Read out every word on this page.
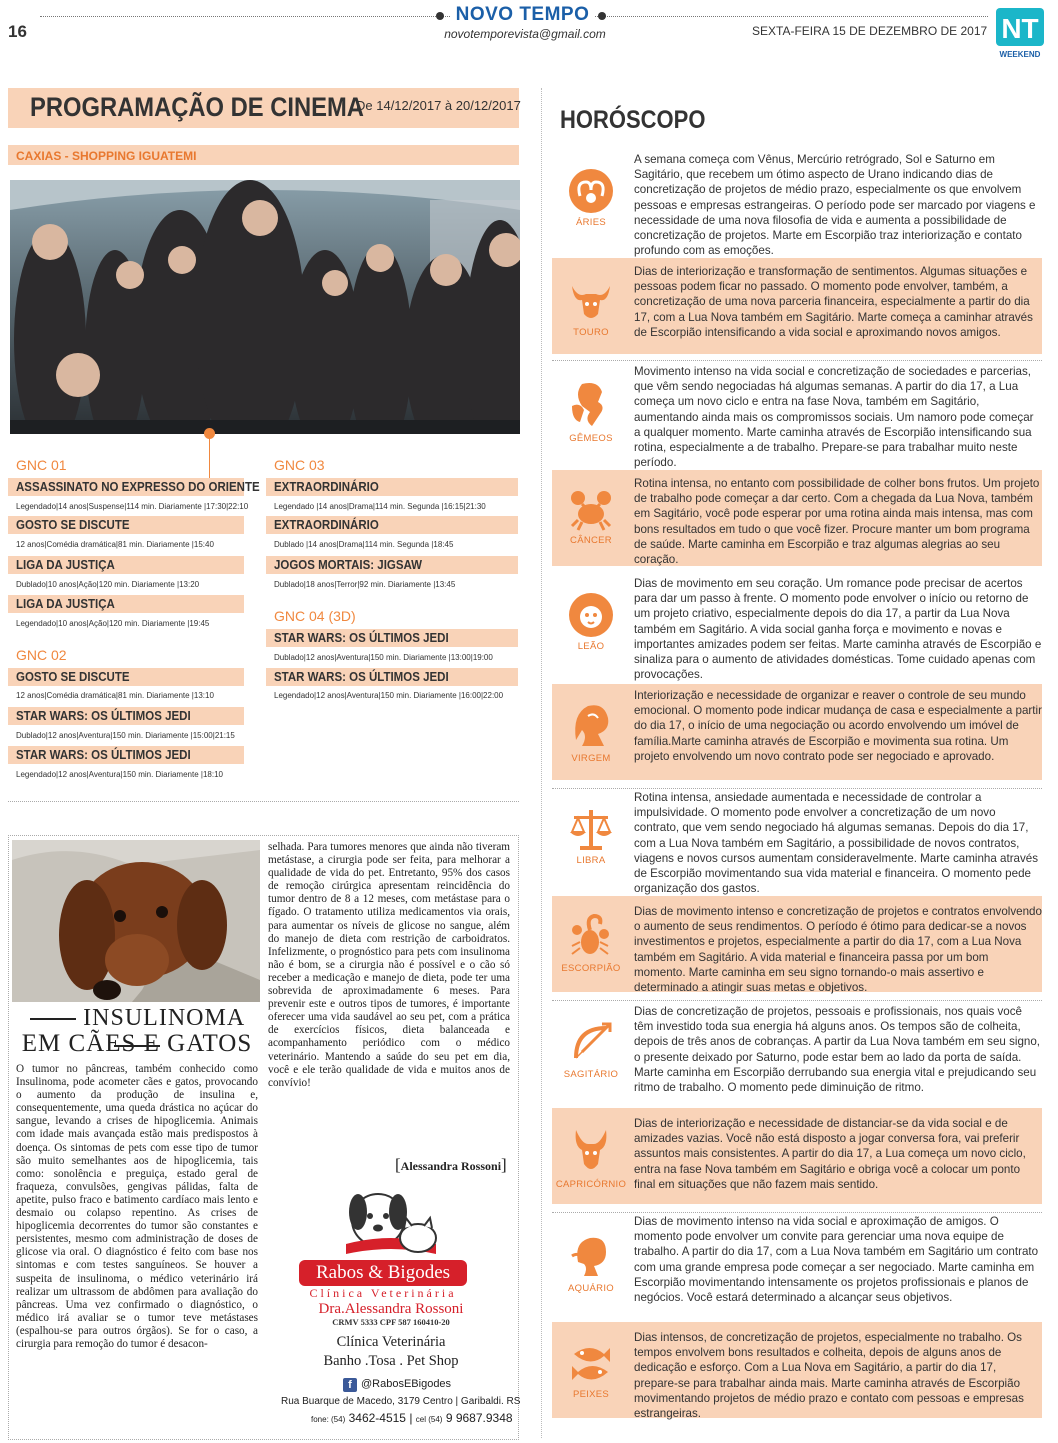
16
NOVO TEMPO
novotemporevista@gmail.com	SEXTA-FEIRA 15 DE DEZEMBRO DE 2017 NT
WEEKEND
PROGRAMAÇÃO DE CINEMA
De 14/12/2017 à 20/12/2017
CAXIAS - SHOPPING IGUATEMI
GNC 01
ASSASSINATO NO EXPRESSO DO ORIENTE
Legendado|14 anos|Suspense|114 min. Diariamente |17:30|22:10
GOSTO SE DISCUTE
12 anos|Comédia dramática|81 min. Diariamente |15:40
LIGA DA JUSTIÇA
Dublado|10 anos|Ação|120 min. Diariamente |13:20
LIGA DA JUSTIÇA
Legendado|10 anos|Ação|120 min. Diariamente |19:45
GNC 02
GOSTO SE DISCUTE
12 anos|Comédia dramática|81 min. Diariamente |13:10
STAR WARS: OS ÚLTIMOS JEDI
Dublado|12 anos|Aventura|150 min. Diariamente |15:00|21:15
STAR WARS: OS ÚLTIMOS JEDI
Legendado|12 anos|Aventura|150 min. Diariamente |18:10
GNC 03
EXTRAORDINÁRIO
Legendado |14 anos|Drama|114 min. Segunda |16:15|21:30
EXTRAORDINÁRIO
Dublado |14 anos|Drama|114 min. Segunda |18:45
JOGOS MORTAIS: JIGSAW
Dublado|18 anos|Terror|92 min. Diariamente |13:45
GNC 04 (3D)
STAR WARS: OS ÚLTIMOS JEDI
Dublado|12 anos|Aventura|150 min. Diariamente |13:00|19:00
STAR WARS: OS ÚLTIMOS JEDI
Legendado|12 anos|Aventura|150 min. Diariamente |16:00|22:00
INSULINOMA
EM CÃES E GATOS
O tumor no pâncreas, também conhecido como Insulinoma, pode acometer cães e gatos, provocando o aumento da produção de insulina e, consequentemente, uma queda drástica no açúcar do sangue, levando a crises de hipoglicemia. Animais com idade mais avançada estão mais predispostos à doença. Os sintomas de pets com esse tipo de tumor são muito semelhantes aos de hipoglicemia, tais como: sonolência e preguiça, estado geral de fraqueza, convulsões, gengivas pálidas, falta de apetite, pulso fraco e batimento cardíaco mais lento e desmaio ou colapso repentino. As crises de hipoglicemia decorrentes do tumor são constantes e persistentes, mesmo com administração de doses de glicose via oral. O diagnóstico é feito com base nos sintomas e com testes sanguíneos. Se houver a suspeita de insulinoma, o médico veterinário irá realizar um ultrassom de abdômen para avaliação do pâncreas. Uma vez confirmado o diagnóstico, o médico irá avaliar se o tumor teve metástases (espalhou-se para outros órgãos). Se for o caso, a cirurgia para remoção do tumor é desacon-
selhada. Para tumores menores que ainda não tiveram metástase, a cirurgia pode ser feita, para melhorar a qualidade de vida do pet. Entretanto, 95% dos casos de remoção cirúrgica apresentam reincidência do tumor dentro de 8 a 12 meses, com metástase para o fígado. O tratamento utiliza medicamentos via orais, para aumentar os níveis de glicose no sangue, além do manejo de dieta com restrição de carboidratos. Infelizmente, o prognóstico para pets com insulinoma não é bom, se a cirurgia não é possível e o cão só receber a medicação e manejo de dieta, pode ter uma sobrevida de aproximadamente 6 meses. Para prevenir este e outros tipos de tumores, é importante oferecer uma vida saudável ao seu pet, com a prática de exercícios físicos, dieta balanceada e acompanhamento periódico com o médico veterinário. Mantendo a saúde do seu pet em dia, você e ele terão qualidade de vida e muitos anos de convívio!
[Alessandra Rossoni]
Rabos & Bigodes
Clínica Veterinária
Dra.Alessandra Rossoni
CRMV 5333 CPF 587 160410-20
Clínica Veterinária
Banho .Tosa . Pet Shop
f @RabosEBigodes
Rua Buarque de Macedo, 3179 Centro | Garibaldi. RS
fone: (54) 3462-4515 | cel (54) 9 9687.9348
HORÓSCOPO
ÁRIES
A semana começa com Vênus, Mercúrio retrógrado, Sol e Saturno em Sagitário, que recebem um ótimo aspecto de Urano indicando dias de concretização de projetos de médio prazo, especialmente os que envolvem pessoas e empresas estrangeiras. O período pode ser marcado por viagens e necessidade de uma nova filosofia de vida e aumenta a possibilidade de concretização de projetos. Marte em Escorpião traz interiorização e contato profundo com as emoções.
TOURO
Dias de interiorização e transformação de sentimentos. Algumas situações e pessoas podem ficar no passado. O momento pode envolver, também, a concretização de uma nova parceria financeira, especialmente a partir do dia 17, com a Lua Nova também em Sagitário. Marte começa a caminhar através de Escorpião intensificando a vida social e aproximando novos amigos.
GÊMEOS
Movimento intenso na vida social e concretização de sociedades e parcerias, que vêm sendo negociadas há algumas semanas. A partir do dia 17, a Lua começa um novo ciclo e entra na fase Nova, também em Sagitário, aumentando ainda mais os compromissos sociais. Um namoro pode começar a qualquer momento. Marte caminha através de Escorpião intensificando sua rotina, especialmente a de trabalho. Prepare-se para trabalhar muito neste período.
CÂNCER
Rotina intensa, no entanto com possibilidade de colher bons frutos. Um projeto de trabalho pode começar a dar certo. Com a chegada da Lua Nova, também em Sagitário, você pode esperar por uma rotina ainda mais intensa, mas com bons resultados em tudo o que você fizer. Procure manter um bom programa de saúde. Marte caminha em Escorpião e traz algumas alegrias ao seu coração.
LEÃO
Dias de movimento em seu coração. Um romance pode precisar de acertos para dar um passo à frente. O momento pode envolver o início ou retorno de um projeto criativo, especialmente depois do dia 17, a partir da Lua Nova também em Sagitário. A vida social ganha força e movimento e novas e importantes amizades podem ser feitas. Marte caminha através de Escorpião e sinaliza para o aumento de atividades domésticas. Tome cuidado apenas com provocações.
VIRGEM
Interiorização e necessidade de organizar e reaver o controle de seu mundo emocional. O momento pode indicar mudança de casa e especialmente a partir do dia 17, o início de uma negociação ou acordo envolvendo um imóvel de família.Marte caminha através de Escorpião e movimenta sua rotina. Um projeto envolvendo um novo contrato pode ser negociado e aprovado.
LIBRA
Rotina intensa, ansiedade aumentada e necessidade de controlar a impulsividade. O momento pode envolver a concretização de um novo contrato, que vem sendo negociado há algumas semanas. Depois do dia 17, com a Lua Nova também em Sagitário, a possibilidade de novos contratos, viagens e novos cursos aumentam consideravelmente. Marte caminha através de Escorpião movimentando sua vida material e financeira. O momento pede organização dos gastos.
ESCORPIÃO
Dias de movimento intenso e concretização de projetos e contratos envolvendo o aumento de seus rendimentos. O período é ótimo para dedicar-se a novos investimentos e projetos, especialmente a partir do dia 17, com a Lua Nova também em Sagitário. A vida material e financeira passa por um bom momento. Marte caminha em seu signo tornando-o mais assertivo e determinado a atingir suas metas e objetivos.
SAGITÁRIO
Dias de concretização de projetos, pessoais e profissionais, nos quais você têm investido toda sua energia há alguns anos. Os tempos são de colheita, depois de três anos de cobranças. A partir da Lua Nova também em seu signo, o presente deixado por Saturno, pode estar bem ao lado da porta de saída. Marte caminha em Escorpião derrubando sua energia vital e prejudicando seu ritmo de trabalho. O momento pede diminuição de ritmo.
CAPRICÓRNIO
Dias de interiorização e necessidade de distanciar-se da vida social e de amizades vazias. Você não está disposto a jogar conversa fora, vai preferir assuntos mais consistentes. A partir do dia 17, a Lua começa um novo ciclo, entra na fase Nova também em Sagitário e obriga você a colocar um ponto final em situações que não fazem mais sentido.
AQUÁRIO
Dias de movimento intenso na vida social e aproximação de amigos. O momento pode envolver um convite para gerenciar uma nova equipe de trabalho. A partir do dia 17, com a Lua Nova também em Sagitário um contrato com uma grande empresa pode começar a ser negociado. Marte caminha em Escorpião movimentando intensamente os projetos profissionais e planos de negócios. Você estará determinado a alcançar seus objetivos.
PEIXES
Dias intensos, de concretização de projetos, especialmente no trabalho. Os tempos envolvem bons resultados e colheita, depois de alguns anos de dedicação e esforço. Com a Lua Nova em Sagitário, a partir do dia 17, prepare-se para trabalhar ainda mais. Marte caminha através de Escorpião movimentando projetos de médio prazo e contato com pessoas e empresas estrangeiras.
